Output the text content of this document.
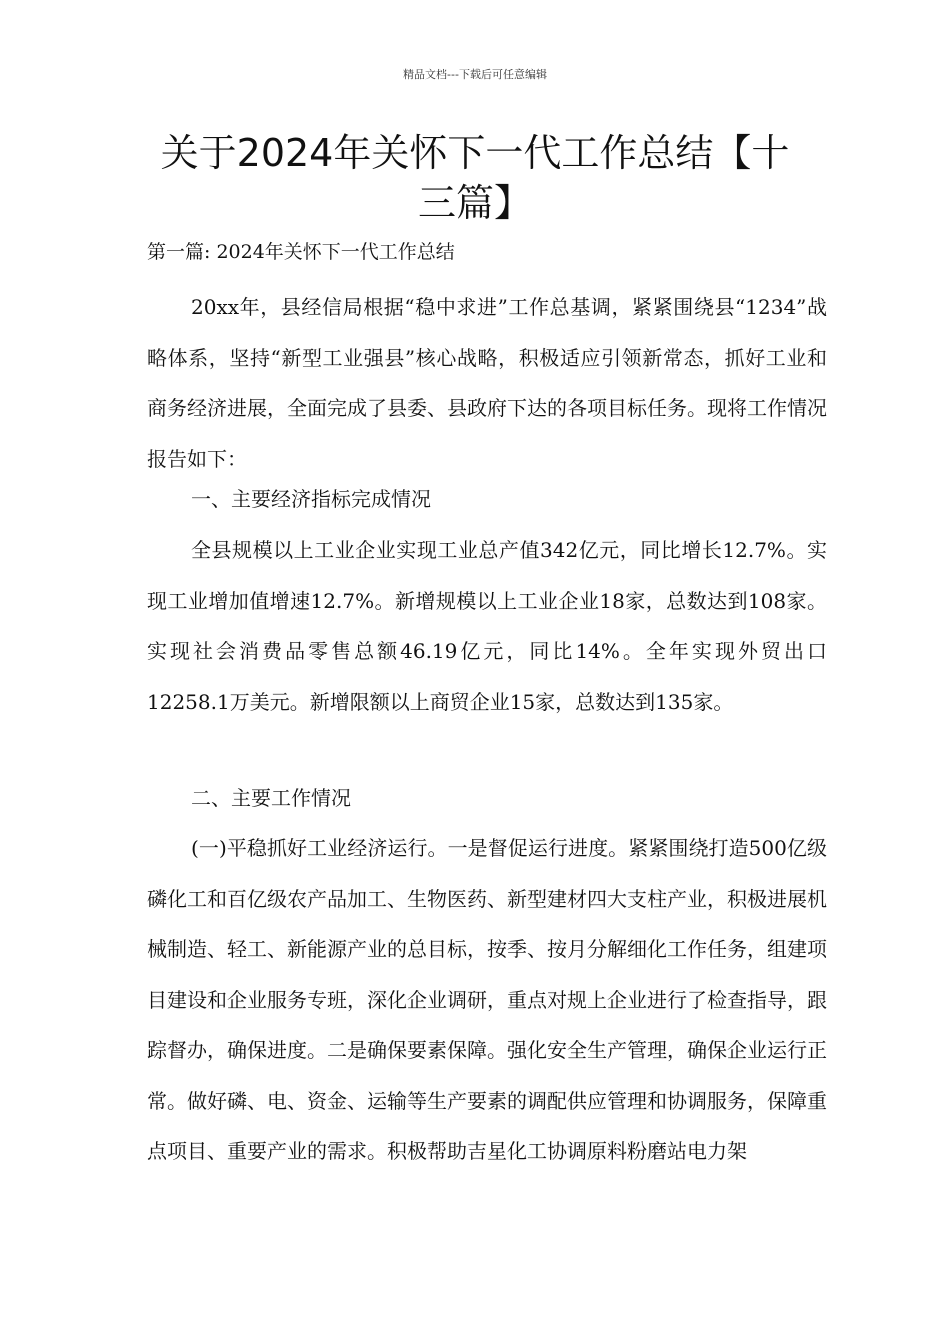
精品文档---下载后可任意编辑
关于2024年关怀下一代工作总结【十三篇】
第一篇: 2024年关怀下一代工作总结

20xx年，县经信局根据“稳中求进”工作总基调，紧紧围绕县“1234”战略体系，坚持“新型工业强县”核心战略，积极适应引领新常态，抓好工业和商务经济进展，全面完成了县委、县政府下达的各项目标任务。现将工作情况报告如下：

一、主要经济指标完成情况

全县规模以上工业企业实现工业总产值342亿元，同比增长12.7%。实现工业增加值增速12.7%。新增规模以上工业企业18家，总数达到108家。实现社会消费品零售总额46.19亿元，同比14%。全年实现外贸出口12258.1万美元。新增限额以上商贸企业15家，总数达到135家。

二、主要工作情况

(一)平稳抓好工业经济运行。一是督促运行进度。紧紧围绕打造500亿级磷化工和百亿级农产品加工、生物医药、新型建材四大支柱产业，积极进展机械制造、轻工、新能源产业的总目标，按季、按月分解细化工作任务，组建项目建设和企业服务专班，深化企业调研，重点对规上企业进行了检查指导，跟踪督办，确保进度。二是确保要素保障。强化安全生产管理，确保企业运行正常。做好磷、电、资金、运输等生产要素的调配供应管理和协调服务，保障重点项目、重要产业的需求。积极帮助吉星化工协调原料粉磨站电力架
